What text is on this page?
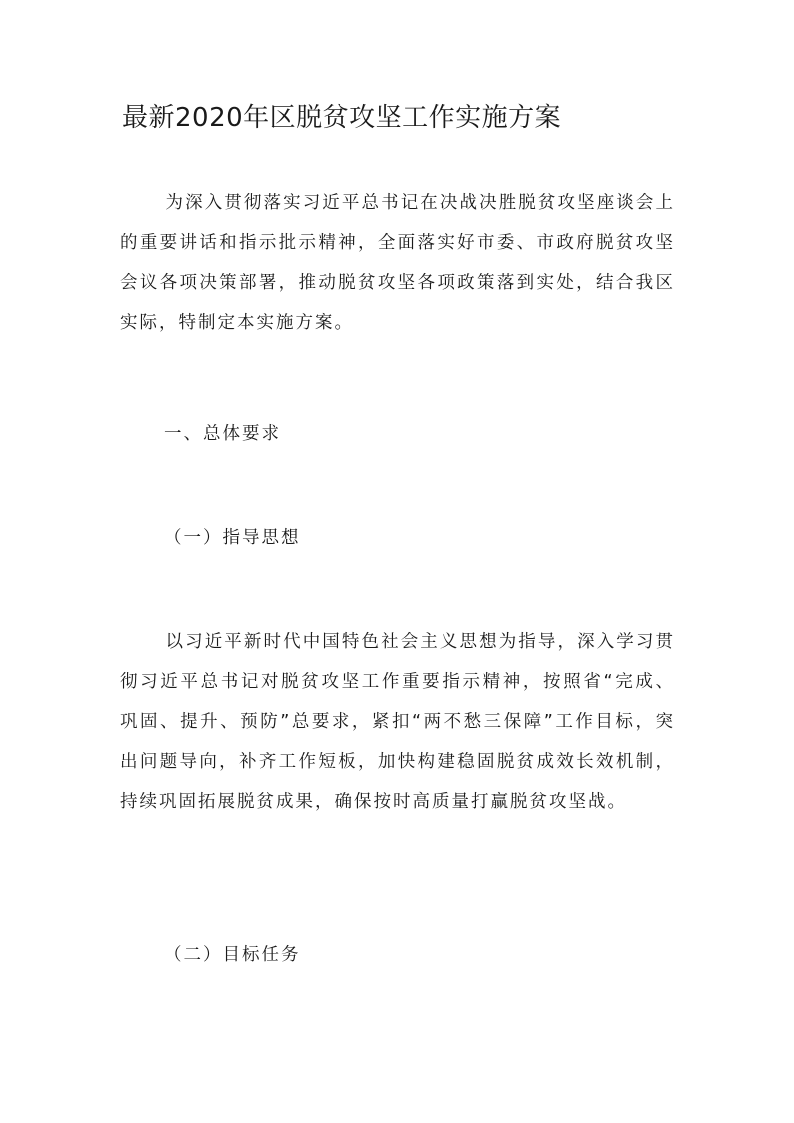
最新2020年区脱贫攻坚工作实施方案

为深入贯彻落实习近平总书记在决战决胜脱贫攻坚座谈会上的重要讲话和指示批示精神，全面落实好市委、市政府脱贫攻坚会议各项决策部署，推动脱贫攻坚各项政策落到实处，结合我区实际，特制定本实施方案。

一、总体要求

（一）指导思想

以习近平新时代中国特色社会主义思想为指导，深入学习贯彻习近平总书记对脱贫攻坚工作重要指示精神，按照省“完成、巩固、提升、预防”总要求，紧扣“两不愁三保障”工作目标，突出问题导向，补齐工作短板，加快构建稳固脱贫成效长效机制，持续巩固拓展脱贫成果，确保按时高质量打赢脱贫攻坚战。

（二）目标任务
